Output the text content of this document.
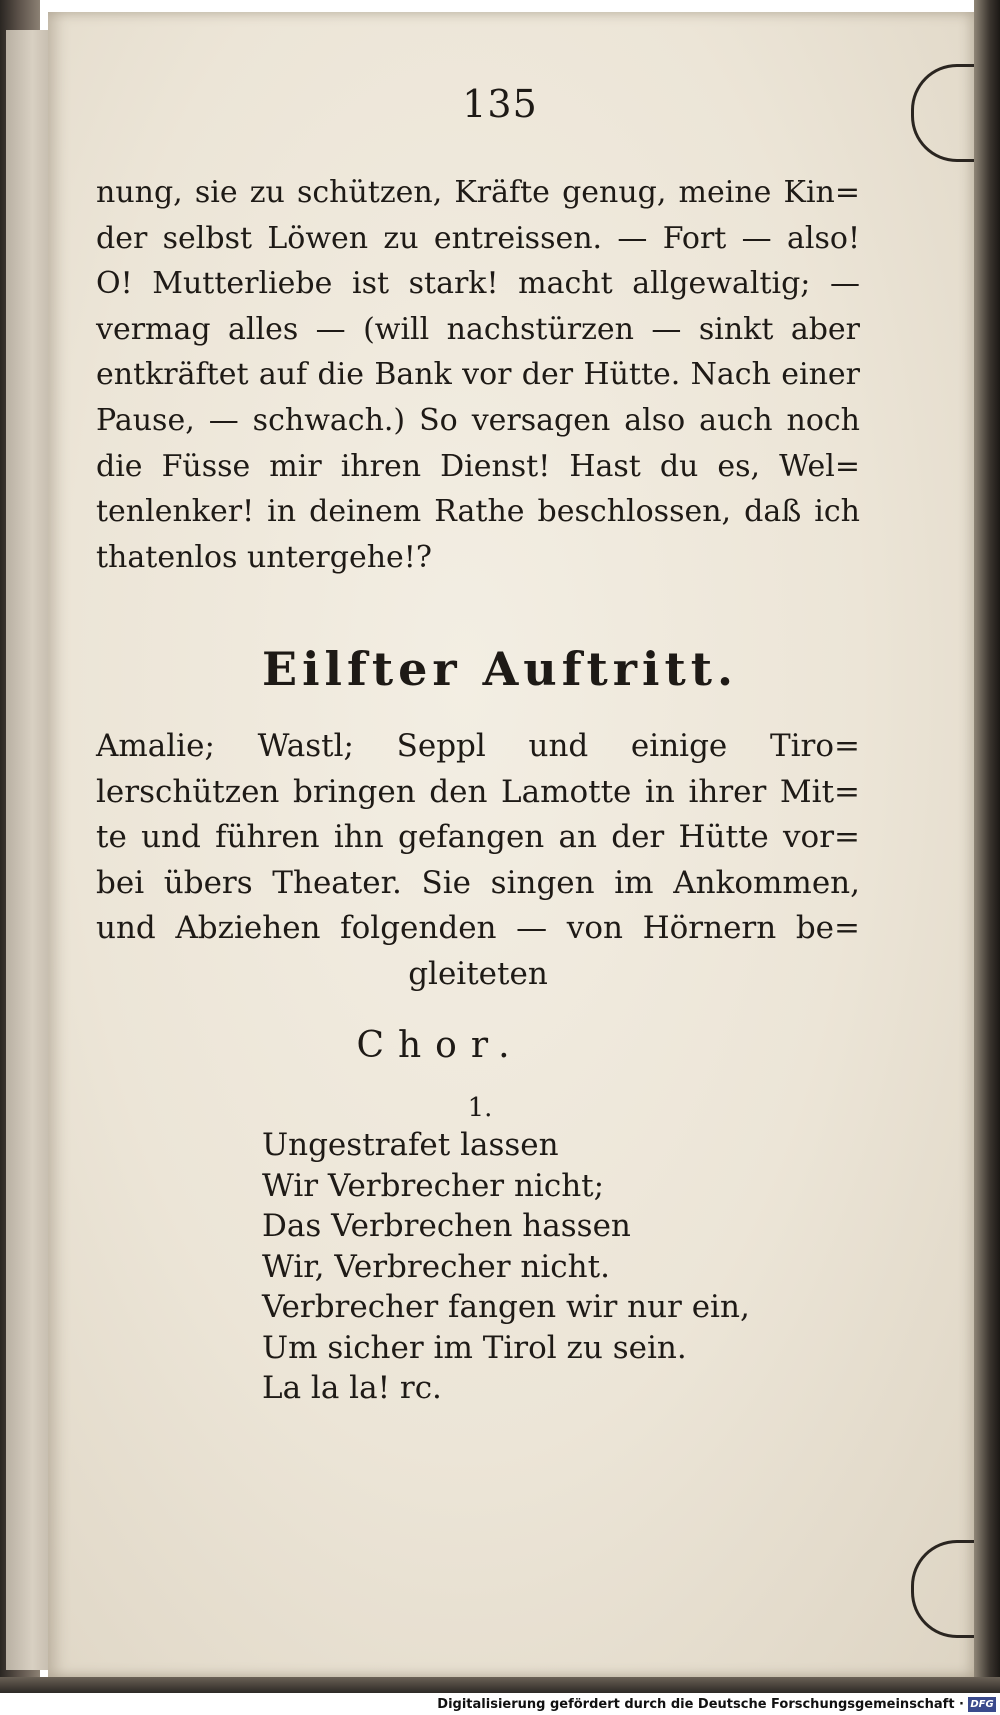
135

nung, sie zu schützen, Kräfte genug, meine Kin=
der selbst Löwen zu entreissen. — Fort — also!
O! Mutterliebe ist stark! macht allgewaltig; —
vermag alles — (will nachstürzen — sinkt aber
entkräftet auf die Bank vor der Hütte. Nach einer
Pause, — schwach.) So versagen also auch noch
die Füsse mir ihren Dienst! Hast du es, Wel=
tenlenker! in deinem Rathe beschlossen, daß ich
thatenlos untergehe!?

Eilfter Auftritt.

Amalie; Wastl; Seppl und einige Tiro=
lerschützen bringen den Lamotte in ihrer Mit=
te und führen ihn gefangen an der Hütte vor=
bei übers Theater. Sie singen im Ankommen,
und Abziehen folgenden — von Hörnern be=
gleiteten

Chor.
1.
Ungestrafet lassen
Wir Verbrecher nicht;
Das Verbrechen hassen
Wir, Verbrecher nicht.
Verbrecher fangen wir nur ein,
Um sicher im Tirol zu sein.
La la la! rc.
Digitalisierung gefördert durch die Deutsche Forschungsgemeinschaft · DFG
